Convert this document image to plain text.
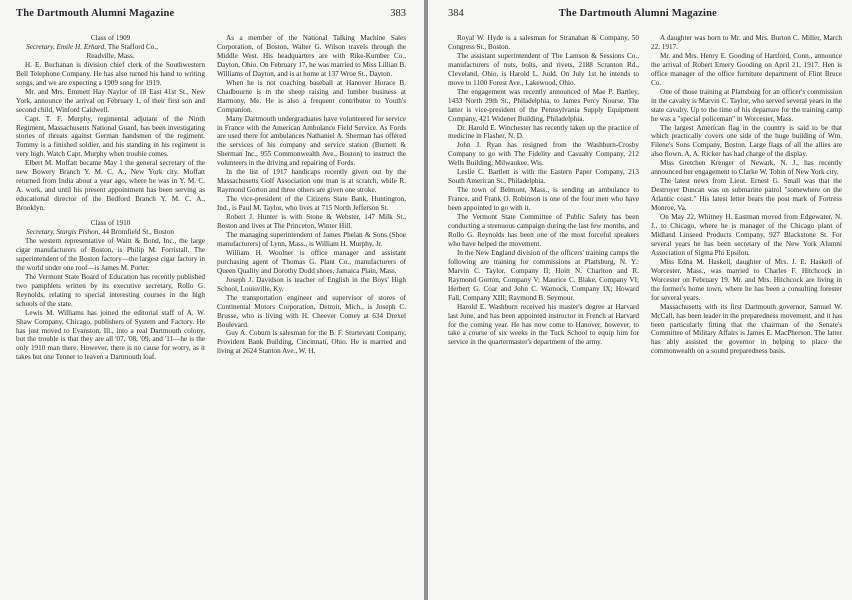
The Dartmouth Alumni Magazine	383

Class of 1909

Secretary, Emile H. Erhard, The Stafford Co.,

Readville, Mass.

H. E. Buchanan is division chief clerk of the Southwestern Bell Telephone Company. He has also turned his hand to writing songs, and we are expecting a 1909 song for 1919.

Mr. and Mrs. Emmett Hay Naylor of 18 East 41st St., New York, announce the arrival on February 1, of their first son and second child, Winford Caldwell.

Capt. T. F. Murphy, regimental adjutant of the Ninth Regiment, Massachusetts National Guard, has been investigating stories of threats against German handsmen of the regiment. Tommy is a finished soldier, and his standing in his regiment is very high. Watch Capt. Murphy when trouble comes.

Elbert M. Moffatt became May 1 the general secretary of the new Bowery Branch Y. M. C. A., New York city. Moffatt returned from India about a year ago, where he was in Y. M. C. A. work, and until his present appointment has been serving as educational director of the Bedford Branch Y. M. C. A., Brooklyn.

Class of 1910

Secretary, Sturgis Pishon, 44 Bromfield St., Boston

The western representative of Waitt & Bond, Inc., the large cigar manufacturers of Boston, is Philip M. Forristall. The superintendent of the Boston factory—the largest cigar factory in the world under one roof—is James M. Porter.

The Vermont State Board of Education has recently published two pamphlets written by its executive secretary, Rollo G. Reynolds, relating to special interesting courses in the high schools of the state.

Lewis M. Williams has joined the editorial staff of A. W. Shaw Company, Chicago, publishers of System and Factory. He has just moved to Evanston, Ill., into a real Dartmouth colony, but the trouble is that they are all '07, '08, '09, and '11—he is the only 1910 man there. However, there is no cause for worry, as it takes but one Tenner to leaven a Dartmouth loaf.

As a member of the National Talking Machine Sales Corporation, of Boston, Walter G. Wilson travels through the Middle West. His headquarters are with Rike-Kumber Co., Dayton, Ohio. On February 17, he was married to Miss Lillian B. Williams of Dayton, and is at home at 137 Wroe St., Dayton.

When he is not coaching baseball at Hanover Horace B. Chadbourne is in the sheep raising and lumber business at Harmony, Me. He is also a frequent contributor to Youth's Companion.

Many Dartmouth undergraduates have volunteered for service in France with the American Ambulance Field Service. As Fords are used there for ambulances Nathaniel A. Sherman has offered the services of his company and service station (Burnett & Sherman Inc., 955 Commonwealth Ave., Boston) to instruct the volunteers in the driving and repairing of Fords.

In the list of 1917 handicaps recently given out by the Massachusetts Golf Association one man is at scratch, while R. Raymond Gorton and three others are given one stroke.

The vice-president of the Citizens State Bank, Huntington, Ind., is Paul M. Taylor, who lives at 715 North Jefferson St.

Robert J. Hunter is with Stone & Webster, 147 Milk St., Boston and lives at The Princeton, Winter Hill.

The managing superintendent of James Phelan & Sons (Shoe manufacturers) of Lynn, Mass., is William H. Murphy, Jr.

William H. Woolner is office manager and assistant purchasing agent of Thomas G. Plant Co., manufacturers of Queen Quality and Dorothy Dodd shoes, Jamaica Plain, Mass.

Joseph J. Davidson is teacher of English in the Boys' High School, Louisville, Ky.

The transportation engineer and supervisor of stores of Continental Motors Corporation, Detroit, Mich., is Joseph C. Brusse, who is living with H. Cheever Comey at 634 Drexel Boulevard.

Guy A. Coburn is salesman for the B. F. Sturtevant Company, Provident Bank Building, Cincinnati, Ohio. He is married and living at 2624 Stanton Ave., W. H.

384	The Dartmouth Alumni Magazine

Royal W. Hyde is a salesman for Stranahan & Company, 50 Congress St., Boston.

The assistant superintendent of The Lamson & Sessions Co., manufacturers of nuts, bolts, and rivets, 2188 Scranton Rd., Cleveland, Ohio, is Harold L. Judd. On July 1st he intends to move to 1100 Forest Ave., Lakewood, Ohio.

The engagement was recently announced of Mae P. Bartley, 1433 North 29th St., Philadelphia, to James Percy Nourse. The latter is vice-president of the Pennsylvania Supply Equipment Company, 421 Widener Building, Philadelphia.

Dr. Harold E. Winchester has recently taken up the practice of medicine in Flasher, N. D.

John J. Ryan has resigned from the Washburn-Crosby Company to go with The Fidelity and Casualty Company, 212 Wells Building, Milwaukee, Wis.

Leslie C. Bartlett is with the Eastern Paper Company, 213 South American St., Philadelphia.

The town of Belmont, Mass., is sending an ambulance to France, and Frank O. Robinson is one of the four men who have been appointed to go with it.

The Vermont State Committee of Public Safety has been conducting a strenuous campaign during the last few months, and Rollo G. Reynolds has been one of the most forceful speakers who have helped the movement.

In the New England division of the officers' training camps the following are training for commissions at Plattsburg, N. Y.: Marvin C. Taylor, Company II; Hoitt N. Charlton and R. Raymond Gorton, Company V; Maurice C. Blake, Company VI; Herbert G. Coar and John C. Warnock, Company IX; Howard Fall, Company XIII; Raymond B. Seymour.

Harold E. Washburn received his master's degree at Harvard last June, and has been appointed instructor in French at Harvard for the coming year. He has now come to Hanover, however, to take a course of six weeks in the Tuck School to equip him for service in the quartermaster's department of the army.

A daughter was born to Mr. and Mrs. Burton C. Miller, March 22, 1917.

Mr. and Mrs. Henry E. Gooding of Hartford, Conn., announce the arrival of Robert Emery Gooding on April 21, 1917. Hen is office manager of the office furniture department of Flint Bruce Co.

One of those training at Plattsburg for an officer's commission in the cavalry is Marvin C. Taylor, who served several years in the state cavalry. Up to the time of his departure for the training camp he was a "special policeman" in Worcester, Mass.

The largest American flag in the country is said to be that which practically covers one side of the huge building of Wm. Filene's Sons Company, Boston. Large flags of all the allies are also flown. A. A. Ricker has had charge of the display.

Miss Gretchen Kreuger of Newark, N. J., has recently announced her engagement to Clarke W. Tobin of New York city.

The latest news from Lieut. Ernest G. Small was that the Destroyer Duncan was on submarine patrol "somewhere on the Atlantic coast." His latest letter bears the post mark of Fortress Monroe, Va.

On May 22, Whitney H. Eastman moved from Edgewater, N. J., to Chicago, where he is manager of the Chicago plant of Midland Linseed Products Company, 927 Blackstone St. For several years he has been secretary of the New York Alumni Association of Sigma Phi Epsilon.

Miss Edna M. Haskell, daughter of Mrs. J. E. Haskell of Worcester, Mass., was married to Charles F. Hitchcock in Worcester on February 19. Mr. and Mrs. Hitchcock are living in the former's home town, where he has been a consulting forester for several years.

Massachusetts with its first Dartmouth governor, Samuel W. McCall, has been leader in the preparedness movement, and it has been particularly fitting that the chairman of the Senate's Committee of Military Affairs is James E. MacPherson. The latter has ably assisted the governor in helping to place the commonwealth on a sound preparedness basis.
